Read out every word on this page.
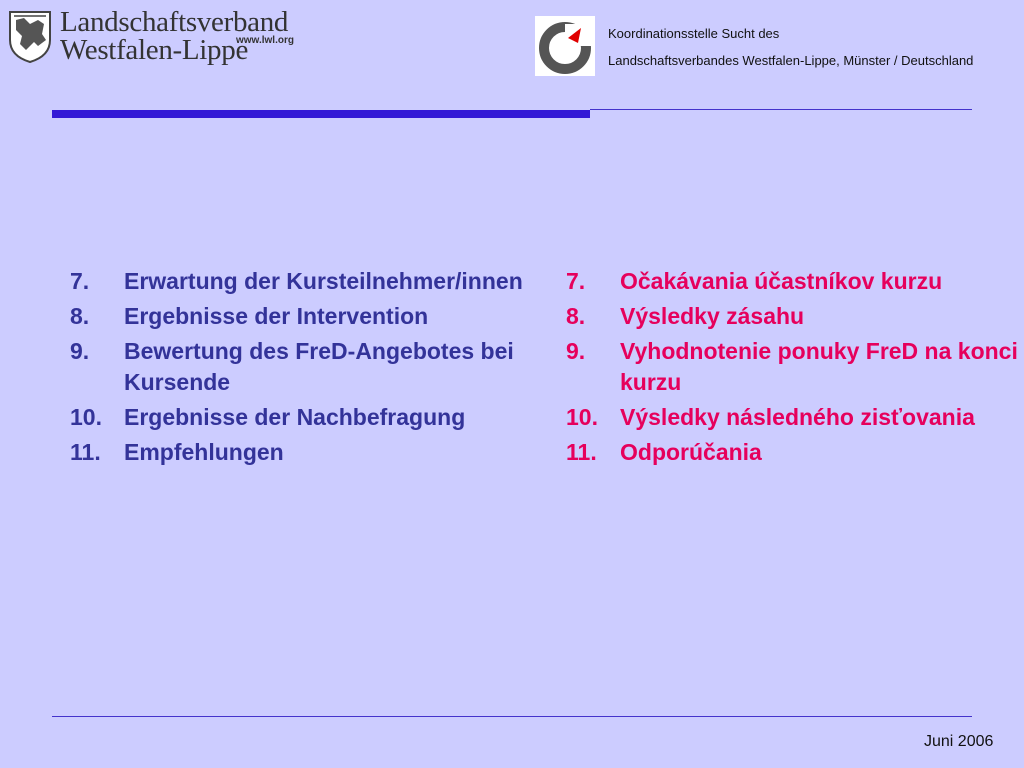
Landschaftsverband
Westfalen-Lippe
www.lwl.org	Koordinationsstelle Sucht des
Landschaftsverbandes Westfalen-Lippe, Münster / Deutschland
7.	Erwartung der Kursteilnehmer/innen
8.	Ergebnisse der Intervention
9.	Bewertung des FreD-Angebotes bei Kursende
10. Ergebnisse der Nachbefragung
11.	Empfehlungen
7.	Očakávania účastníkov kurzu
8.	Výsledky zásahu
9.	Vyhodnotenie ponuky FreD na konci kurzu
10. Výsledky následného zisťovania
11.	Odporúčania
Juni 2006
